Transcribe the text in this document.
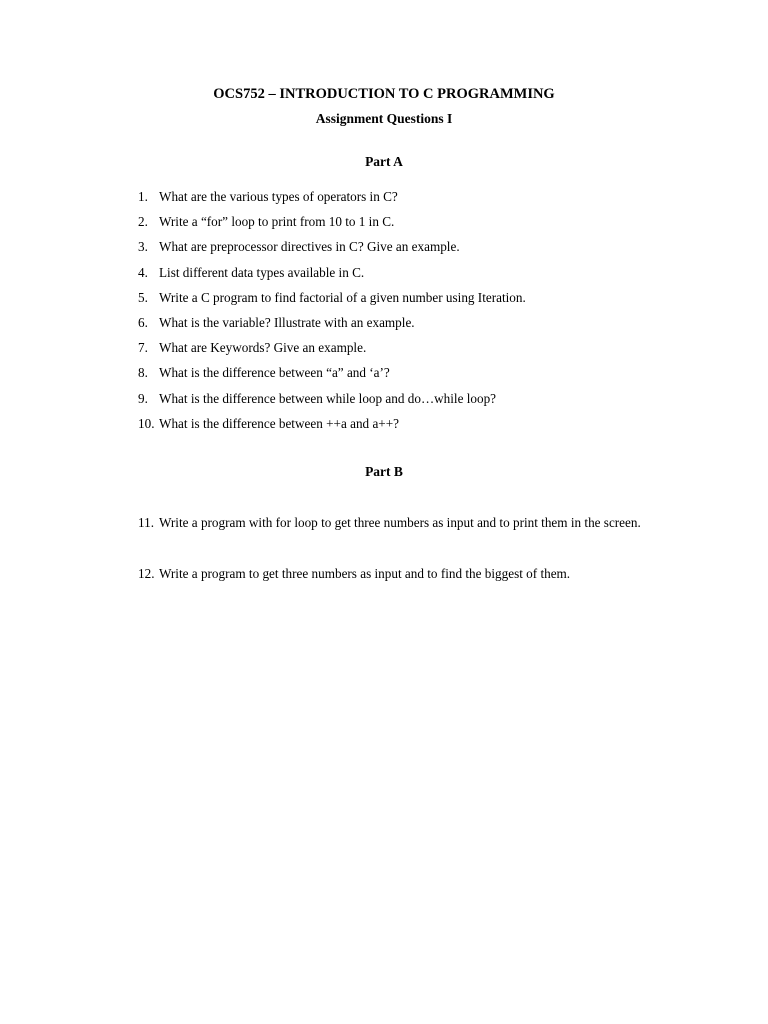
OCS752 – INTRODUCTION TO C PROGRAMMING
Assignment Questions I
Part A
1. What are the various types of operators in C?
2. Write a “for” loop to print from 10 to 1 in C.
3. What are preprocessor directives in C? Give an example.
4. List different data types available in C.
5. Write a C program to find factorial of a given number using Iteration.
6. What is the variable? Illustrate with an example.
7. What are Keywords? Give an example.
8. What is the difference between “a” and ‘a’?
9. What is the difference between while loop and do…while loop?
10. What is the difference between ++a and a++?
Part B
11. Write a program with for loop to get three numbers as input and to print them in the screen.
12. Write a program to get three numbers as input and to find the biggest of them.
